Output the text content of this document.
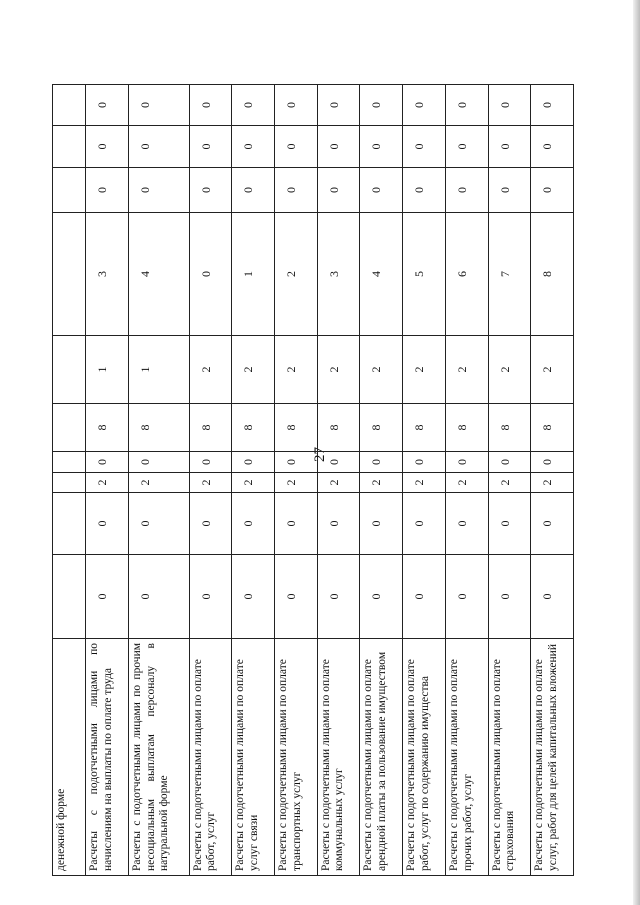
27
денежной форме										
Расчеты с подотчетными лицами по начислениям на выплаты по оплате труда	0	0	2	0	8	1	3	0	0	0
Расчеты с подотчетными лицами по прочим несоциальным выплатам персоналу в натуральной форме	0	0	2	0	8	1	4	0	0	0
Расчеты с подотчетными лицами по оплате работ, услуг	0	0	2	0	8	2	0	0	0	0
Расчеты с подотчетными лицами по оплате услуг связи	0	0	2	0	8	2	1	0	0	0
Расчеты с подотчетными лицами по оплате транспортных услуг	0	0	2	0	8	2	2	0	0	0
Расчеты с подотчетными лицами по оплате коммунальных услуг	0	0	2	0	8	2	3	0	0	0
Расчеты с подотчетными лицами по оплате арендной платы за пользование имуществом	0	0	2	0	8	2	4	0	0	0
Расчеты с подотчетными лицами по оплате работ, услуг по содержанию имущества	0	0	2	0	8	2	5	0	0	0
Расчеты с подотчетными лицами по оплате прочих работ, услуг	0	0	2	0	8	2	6	0	0	0
Расчеты с подотчетными лицами по оплате страхования	0	0	2	0	8	2	7	0	0	0
Расчеты с подотчетными лицами по оплате услуг, работ для целей капитальных вложений	0	0	2	0	8	2	8	0	0	0
